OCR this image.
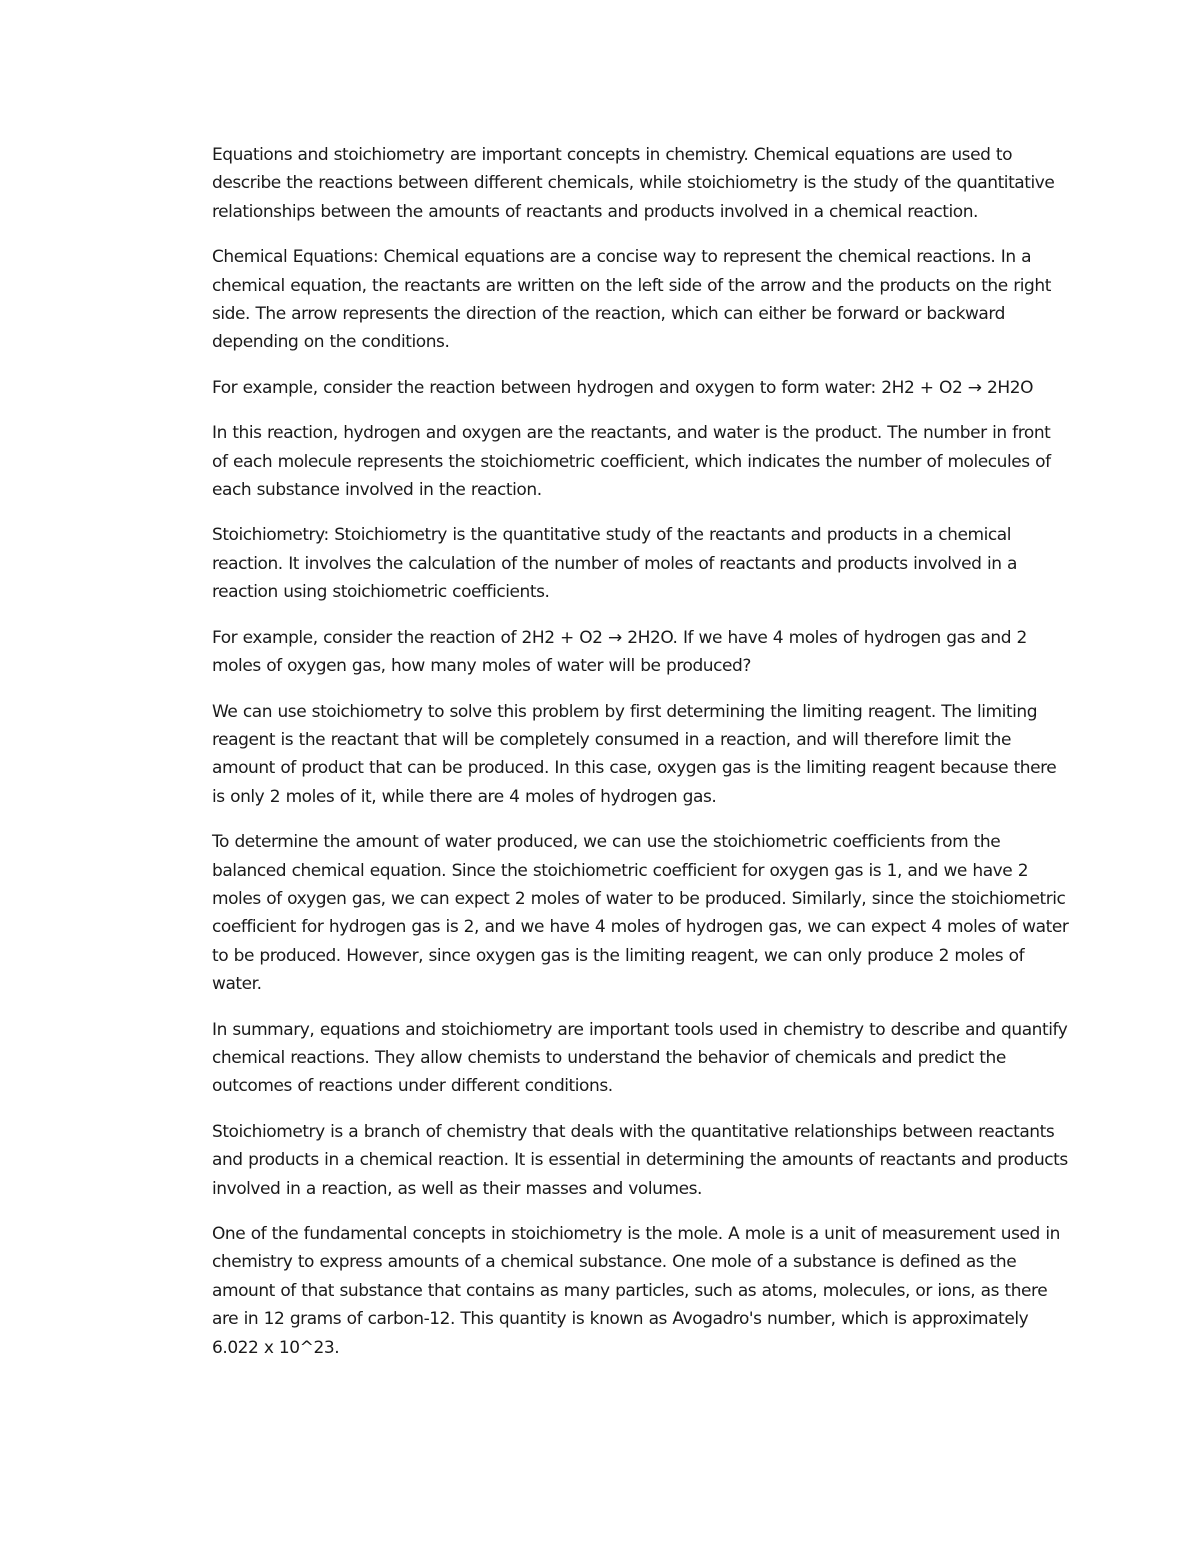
Equations and stoichiometry are important concepts in chemistry. Chemical equations are used to describe the reactions between different chemicals, while stoichiometry is the study of the quantitative relationships between the amounts of reactants and products involved in a chemical reaction.

Chemical Equations: Chemical equations are a concise way to represent the chemical reactions. In a chemical equation, the reactants are written on the left side of the arrow and the products on the right side. The arrow represents the direction of the reaction, which can either be forward or backward depending on the conditions.

For example, consider the reaction between hydrogen and oxygen to form water: 2H2 + O2 → 2H2O

In this reaction, hydrogen and oxygen are the reactants, and water is the product. The number in front of each molecule represents the stoichiometric coefficient, which indicates the number of molecules of each substance involved in the reaction.

Stoichiometry: Stoichiometry is the quantitative study of the reactants and products in a chemical reaction. It involves the calculation of the number of moles of reactants and products involved in a reaction using stoichiometric coefficients.

For example, consider the reaction of 2H2 + O2 → 2H2O. If we have 4 moles of hydrogen gas and 2 moles of oxygen gas, how many moles of water will be produced?

We can use stoichiometry to solve this problem by first determining the limiting reagent. The limiting reagent is the reactant that will be completely consumed in a reaction, and will therefore limit the amount of product that can be produced. In this case, oxygen gas is the limiting reagent because there is only 2 moles of it, while there are 4 moles of hydrogen gas.

To determine the amount of water produced, we can use the stoichiometric coefficients from the balanced chemical equation. Since the stoichiometric coefficient for oxygen gas is 1, and we have 2 moles of oxygen gas, we can expect 2 moles of water to be produced. Similarly, since the stoichiometric coefficient for hydrogen gas is 2, and we have 4 moles of hydrogen gas, we can expect 4 moles of water to be produced. However, since oxygen gas is the limiting reagent, we can only produce 2 moles of water.

In summary, equations and stoichiometry are important tools used in chemistry to describe and quantify chemical reactions. They allow chemists to understand the behavior of chemicals and predict the outcomes of reactions under different conditions.

Stoichiometry is a branch of chemistry that deals with the quantitative relationships between reactants and products in a chemical reaction. It is essential in determining the amounts of reactants and products involved in a reaction, as well as their masses and volumes.

One of the fundamental concepts in stoichiometry is the mole. A mole is a unit of measurement used in chemistry to express amounts of a chemical substance. One mole of a substance is defined as the amount of that substance that contains as many particles, such as atoms, molecules, or ions, as there are in 12 grams of carbon-12. This quantity is known as Avogadro's number, which is approximately 6.022 x 10^23.
